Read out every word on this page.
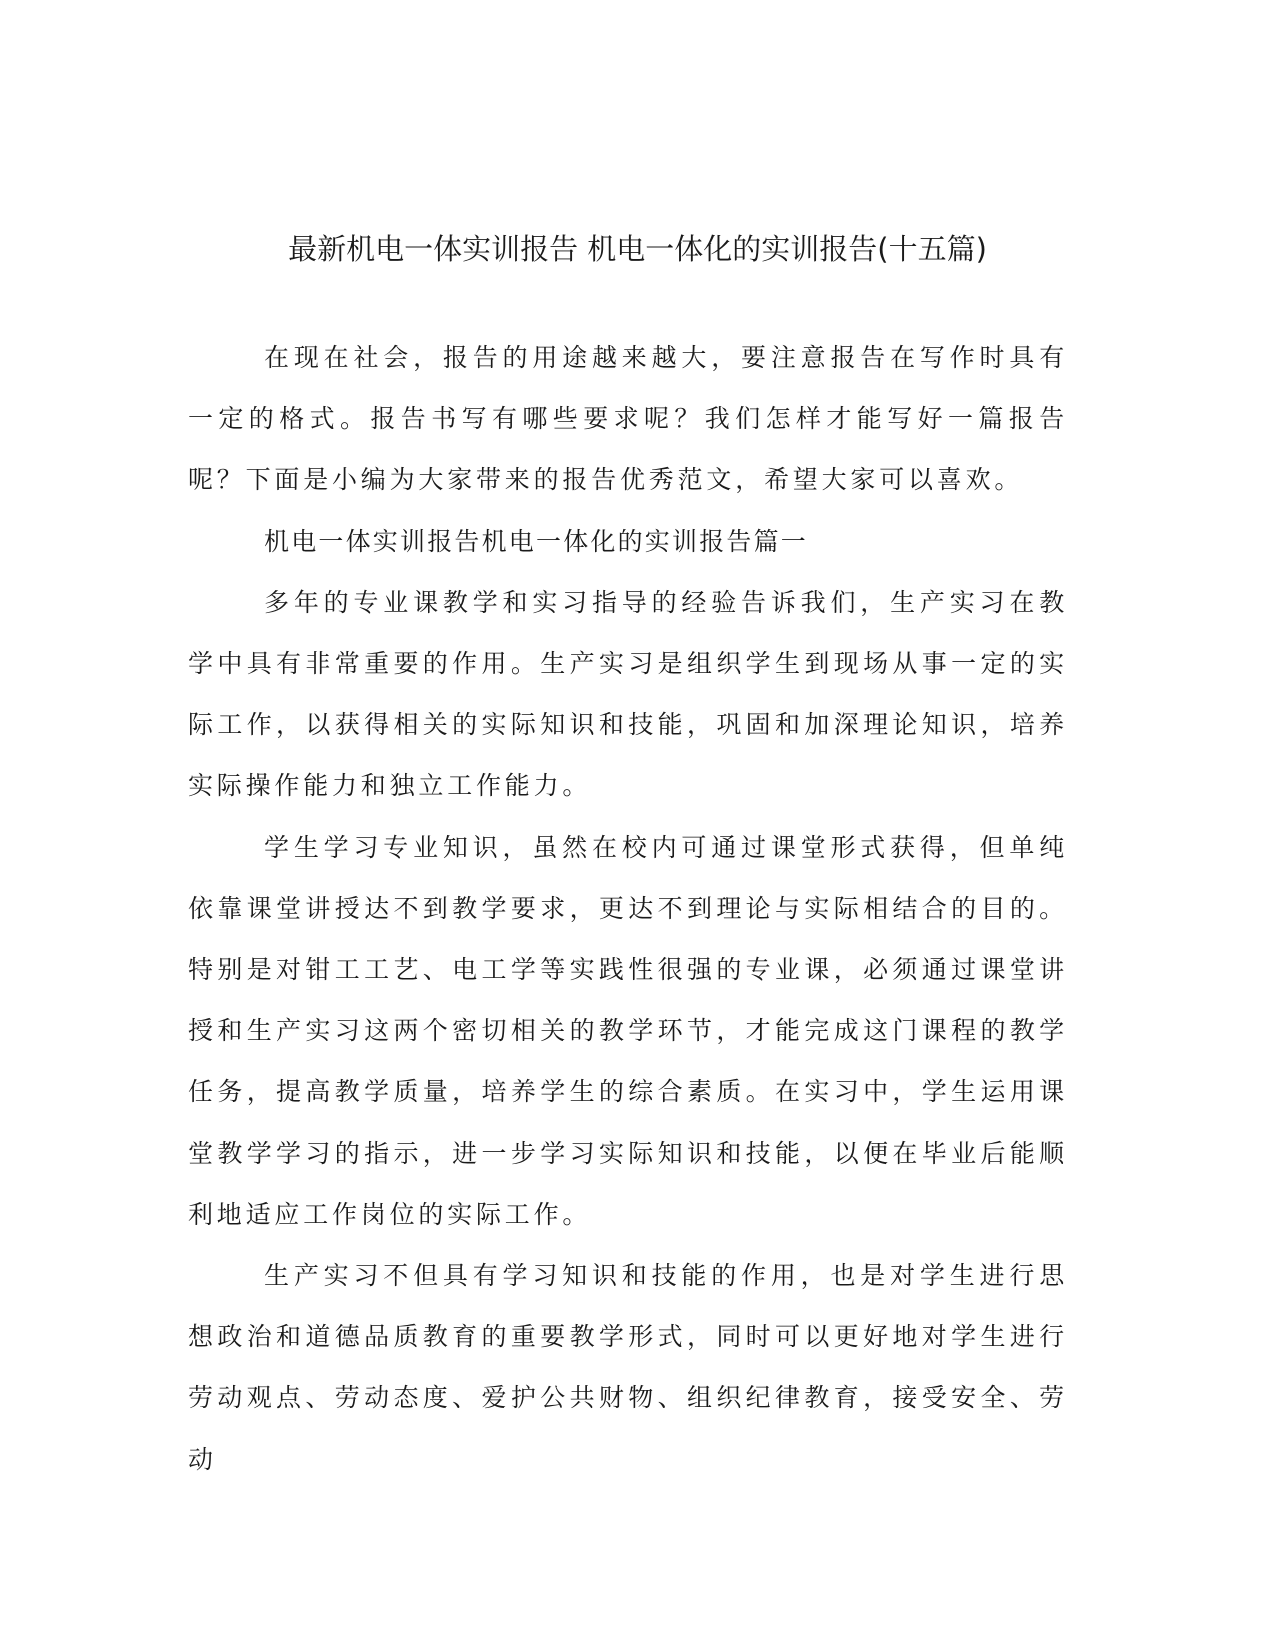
最新机电一体实训报告 机电一体化的实训报告(十五篇)

在现在社会，报告的用途越来越大，要注意报告在写作时具有一定的格式。报告书写有哪些要求呢？我们怎样才能写好一篇报告呢？下面是小编为大家带来的报告优秀范文，希望大家可以喜欢。

机电一体实训报告机电一体化的实训报告篇一

多年的专业课教学和实习指导的经验告诉我们，生产实习在教学中具有非常重要的作用。生产实习是组织学生到现场从事一定的实际工作，以获得相关的实际知识和技能，巩固和加深理论知识，培养实际操作能力和独立工作能力。

学生学习专业知识，虽然在校内可通过课堂形式获得，但单纯依靠课堂讲授达不到教学要求，更达不到理论与实际相结合的目的。特别是对钳工工艺、电工学等实践性很强的专业课，必须通过课堂讲授和生产实习这两个密切相关的教学环节，才能完成这门课程的教学任务，提高教学质量，培养学生的综合素质。在实习中，学生运用课堂教学学习的指示，进一步学习实际知识和技能，以便在毕业后能顺利地适应工作岗位的实际工作。

生产实习不但具有学习知识和技能的作用，也是对学生进行思想政治和道德品质教育的重要教学形式，同时可以更好地对学生进行劳动观点、劳动态度、爱护公共财物、组织纪律教育，接受安全、劳动
